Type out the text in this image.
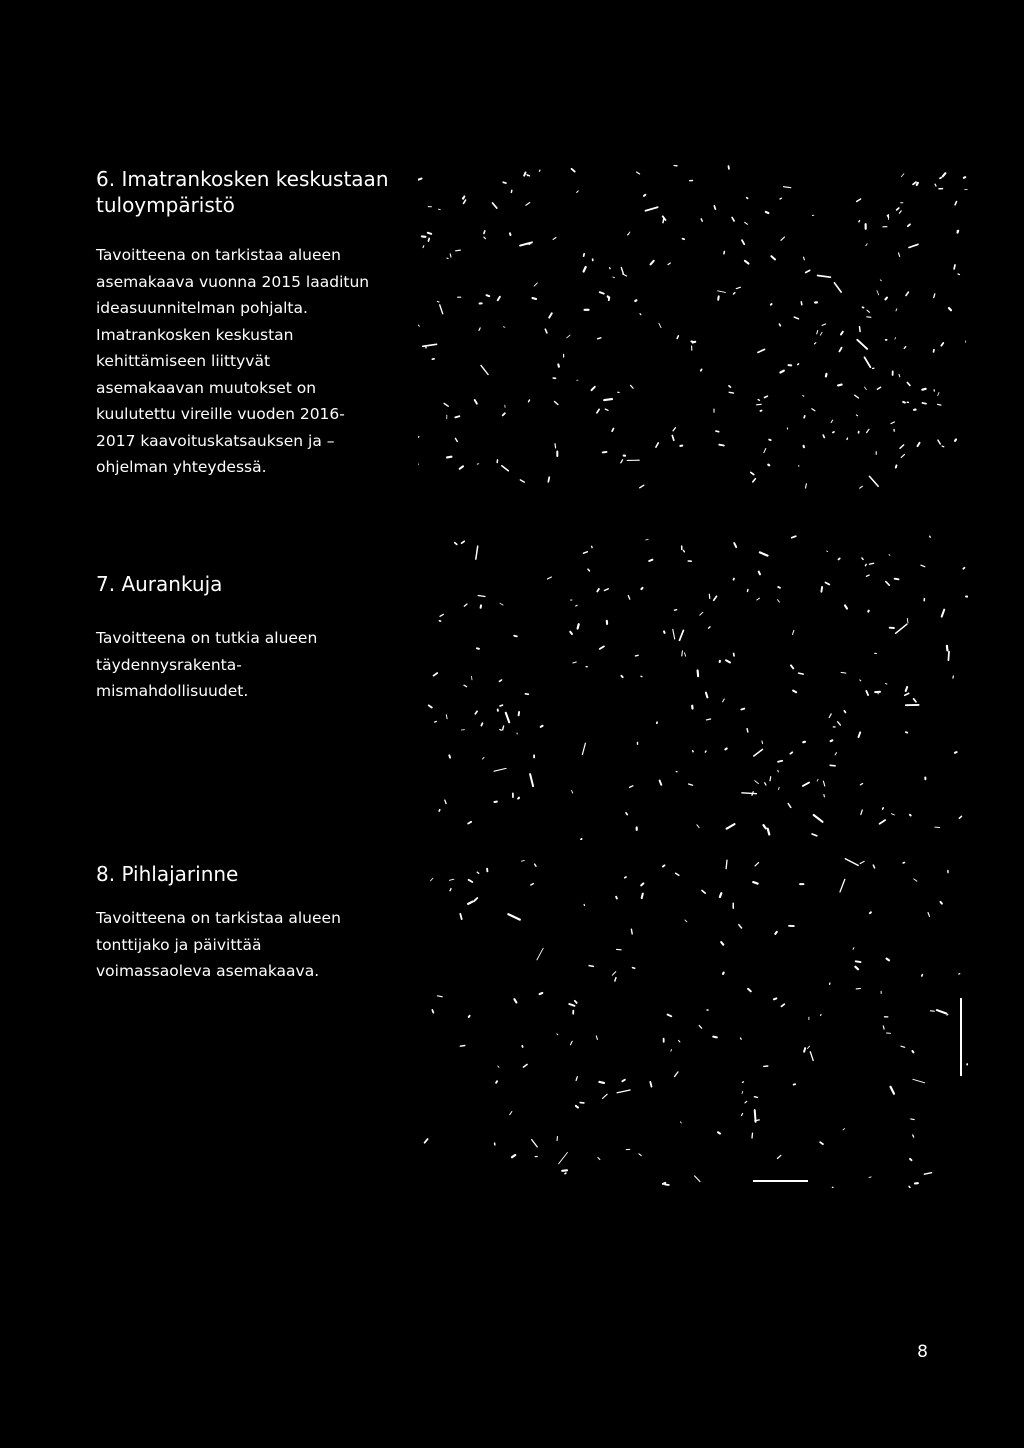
6. Imatrankosken keskustaan
tuloympäristö

Tavoitteena on tarkistaa alueen
asemakaava vuonna 2015 laaditun
ideasuunnitelman pohjalta.
Imatrankosken keskustan
kehittämiseen liittyvät
asemakaavan muutokset on
kuulutettu vireille vuoden 2016-
2017 kaavoituskatsauksen ja –
ohjelman yhteydessä.

7. Aurankuja

Tavoitteena on tutkia alueen
täydennysrakenta-
mismahdollisuudet.

8. Pihlajarinne

Tavoitteena on tarkistaa alueen
tonttijako ja päivittää
voimassaoleva asemakaava.

8
